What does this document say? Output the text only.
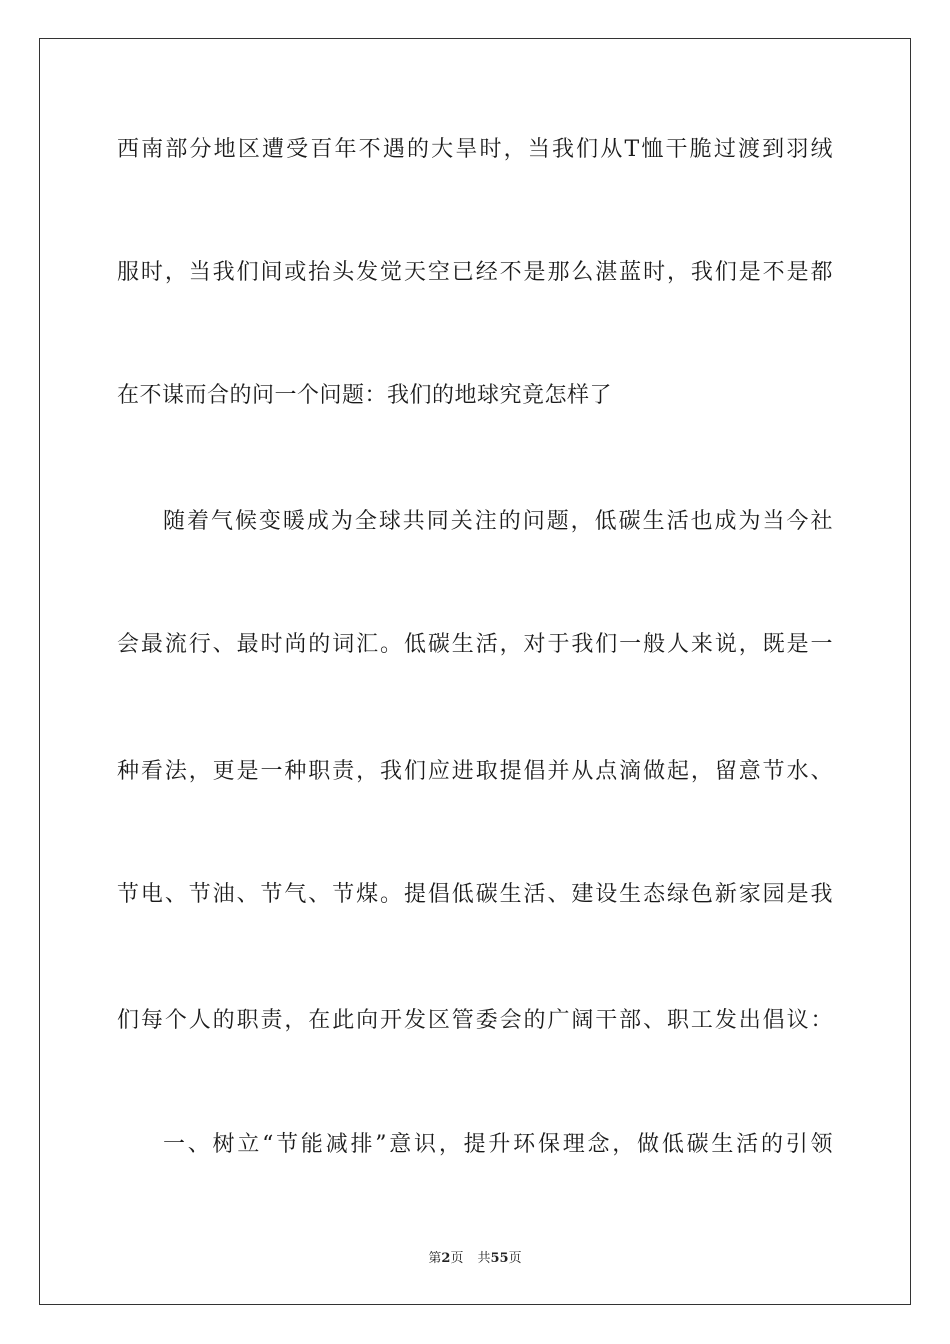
西南部分地区遭受百年不遇的大旱时，当我们从T恤干脆过渡到羽绒
服时，当我们间或抬头发觉天空已经不是那么湛蓝时，我们是不是都
在不谋而合的问一个问题：我们的地球究竟怎样了
随着气候变暖成为全球共同关注的问题，低碳生活也成为当今社
会最流行、最时尚的词汇。低碳生活，对于我们一般人来说，既是一
种看法，更是一种职责，我们应进取提倡并从点滴做起，留意节水、
节电、节油、节气、节煤。提倡低碳生活、建设生态绿色新家园是我
们每个人的职责，在此向开发区管委会的广阔干部、职工发出倡议：
一、树立“节能减排”意识，提升环保理念，做低碳生活的引领
第2页 共55页
